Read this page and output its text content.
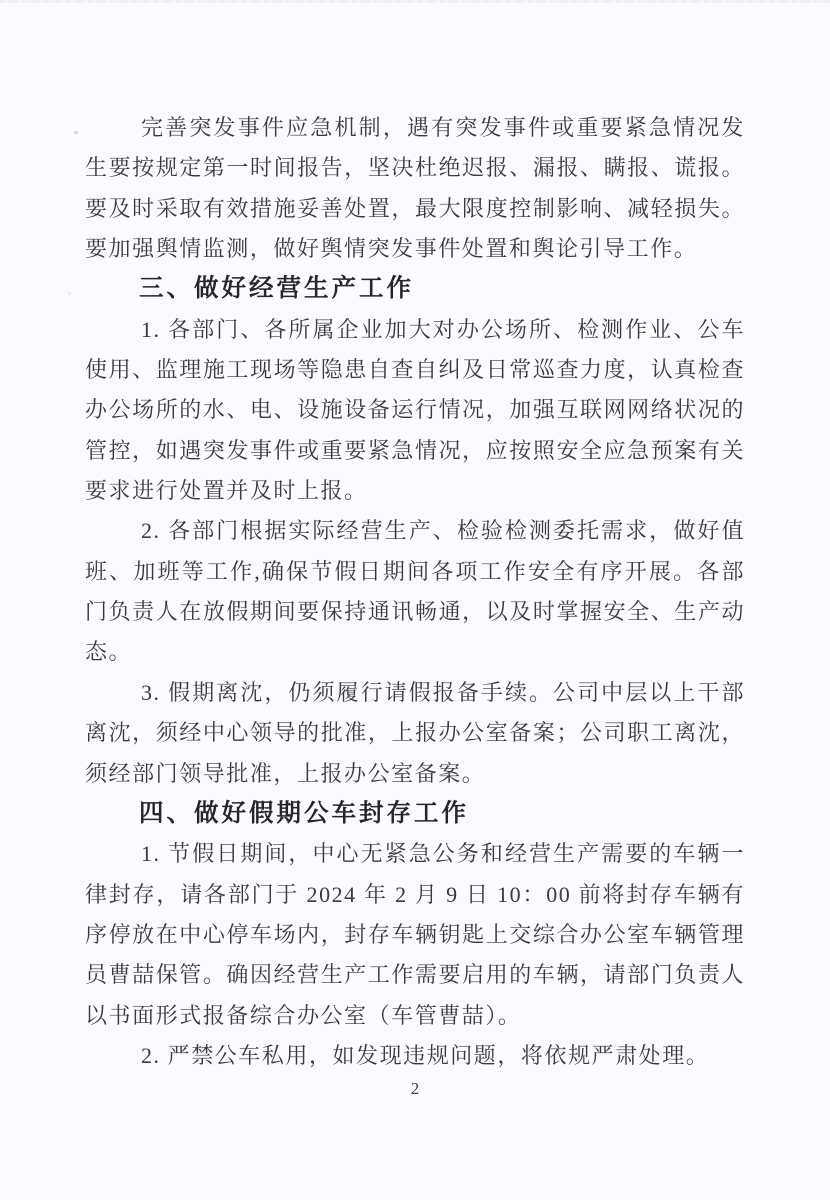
完善突发事件应急机制，遇有突发事件或重要紧急情况发生要按规定第一时间报告，坚决杜绝迟报、漏报、瞒报、谎报。要及时采取有效措施妥善处置，最大限度控制影响、减轻损失。要加强舆情监测，做好舆情突发事件处置和舆论引导工作。

三、做好经营生产工作

1. 各部门、各所属企业加大对办公场所、检测作业、公车使用、监理施工现场等隐患自查自纠及日常巡查力度，认真检查办公场所的水、电、设施设备运行情况，加强互联网网络状况的管控，如遇突发事件或重要紧急情况，应按照安全应急预案有关要求进行处置并及时上报。

2. 各部门根据实际经营生产、检验检测委托需求，做好值班、加班等工作,确保节假日期间各项工作安全有序开展。各部门负责人在放假期间要保持通讯畅通，以及时掌握安全、生产动态。

3. 假期离沈，仍须履行请假报备手续。公司中层以上干部离沈，须经中心领导的批准，上报办公室备案；公司职工离沈，须经部门领导批准，上报办公室备案。

四、做好假期公车封存工作

1. 节假日期间，中心无紧急公务和经营生产需要的车辆一律封存，请各部门于 2024 年 2 月 9 日 10：00 前将封存车辆有序停放在中心停车场内，封存车辆钥匙上交综合办公室车辆管理员曹喆保管。确因经营生产工作需要启用的车辆，请部门负责人以书面形式报备综合办公室（车管曹喆）。

2. 严禁公车私用，如发现违规问题，将依规严肃处理。

2
